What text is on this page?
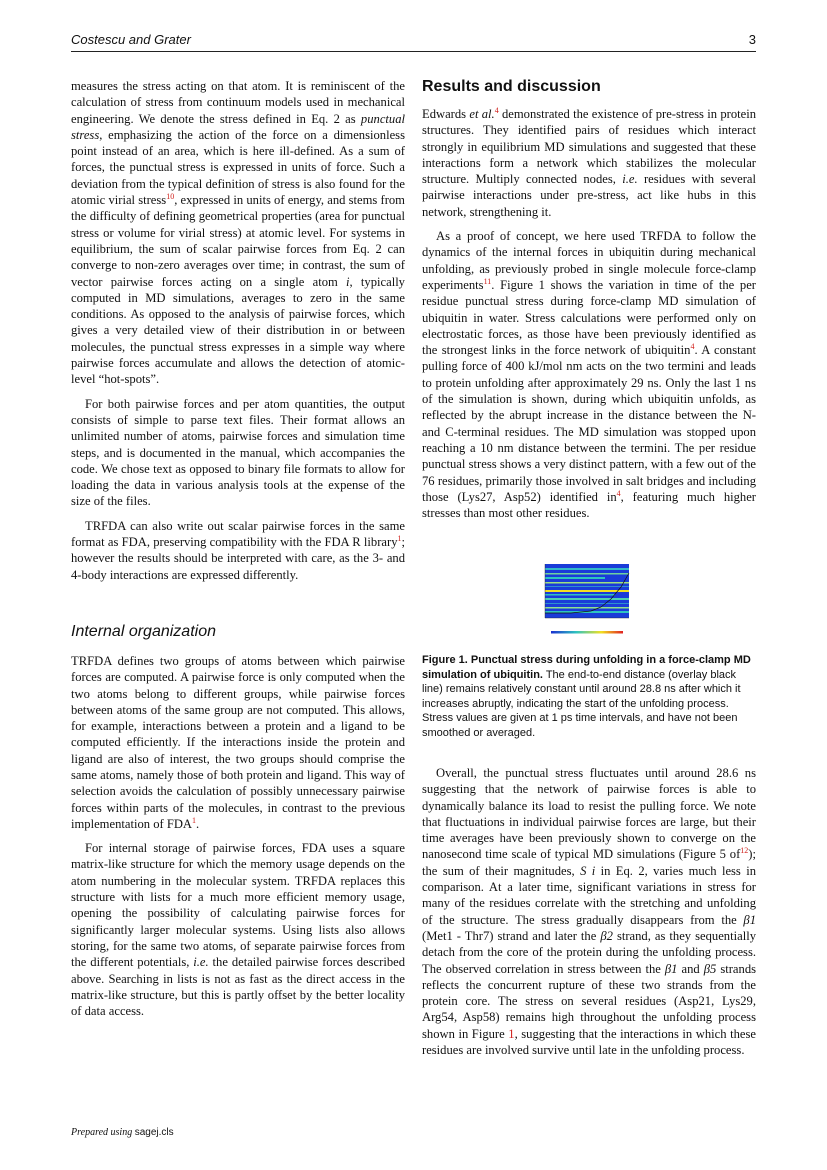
Costescu and Grater	3

measures the stress acting on that atom. It is reminiscent of the calculation of stress from continuum models used in mechanical engineering. We denote the stress defined in Eq. 2 as punctual stress, emphasizing the action of the force on a dimensionless point instead of an area, which is here ill-defined. As a sum of forces, the punctual stress is expressed in units of force. Such a deviation from the typical definition of stress is also found for the atomic virial stress$^{10}$, expressed in units of energy, and stems from the difficulty of defining geometrical properties (area for punctual stress or volume for virial stress) at atomic level. For systems in equilibrium, the sum of scalar pairwise forces from Eq. 2 can converge to non-zero averages over time; in contrast, the sum of vector pairwise forces acting on a single atom i, typically computed in MD simulations, averages to zero in the same conditions. As opposed to the analysis of pairwise forces, which gives a very detailed view of their distribution in or between molecules, the punctual stress expresses in a simple way where pairwise forces accumulate and allows the detection of atomic-level “hot-spots”.

For both pairwise forces and per atom quantities, the output consists of simple to parse text files. Their format allows an unlimited number of atoms, pairwise forces and simulation time steps, and is documented in the manual, which accompanies the code. We chose text as opposed to binary file formats to allow for loading the data in various analysis tools at the expense of the size of the files.

TRFDA can also write out scalar pairwise forces in the same format as FDA, preserving compatibility with the FDA R library$^1$; however the results should be interpreted with care, as the 3- and 4-body interactions are expressed differently.

Internal organization

TRFDA defines two groups of atoms between which pairwise forces are computed. A pairwise force is only computed when the two atoms belong to different groups, while pairwise forces between atoms of the same group are not computed. This allows, for example, interactions between a protein and a ligand to be computed efficiently. If the interactions inside the protein and ligand are also of interest, the two groups should comprise the same atoms, namely those of both protein and ligand. This way of selection avoids the calculation of possibly unnecessary pairwise forces within parts of the molecules, in contrast to the previous implementation of FDA$^1$.

For internal storage of pairwise forces, FDA uses a square matrix-like structure for which the memory usage depends on the atom numbering in the molecular system. TRFDA replaces this structure with lists for a much more efficient memory usage, opening the possibility of calculating pairwise forces for significantly larger molecular systems. Using lists also allows storing, for the same two atoms, of separate pairwise forces from the different potentials, i.e. the detailed pairwise forces described above. Searching in lists is not as fast as the direct access in the matrix-like structure, but this is partly offset by the better locality of data access.

Results and discussion

Edwards et al.$^4$ demonstrated the existence of pre-stress in protein structures. They identified pairs of residues which interact strongly in equilibrium MD simulations and suggested that these interactions form a network which stabilizes the molecular structure. Multiply connected nodes, i.e. residues with several pairwise interactions under pre-stress, act like hubs in this network, strengthening it.

As a proof of concept, we here used TRFDA to follow the dynamics of the internal forces in ubiquitin during mechanical unfolding, as previously probed in single molecule force-clamp experiments$^{11}$. Figure 1 shows the variation in time of the per residue punctual stress during force-clamp MD simulation of ubiquitin in water. Stress calculations were performed only on electrostatic forces, as those have been previously identified as the strongest links in the force network of ubiquitin$^4$. A constant pulling force of 400 kJ/mol nm acts on the two termini and leads to protein unfolding after approximately 29 ns. Only the last 1 ns of the simulation is shown, during which ubiquitin unfolds, as reflected by the abrupt increase in the distance between the N- and C-terminal residues. The MD simulation was stopped upon reaching a 10 nm distance between the termini. The per residue punctual stress shows a very distinct pattern, with a few out of the 76 residues, primarily those involved in salt bridges and including those (Lys27, Asp52) identified in$^4$, featuring much higher stresses than most other residues.

Figure 1. Punctual stress during unfolding in a force-clamp MD simulation of ubiquitin. The end-to-end distance (overlay black line) remains relatively constant until around 28.8 ns after which it increases abruptly, indicating the start of the unfolding process. Stress values are given at 1 ps time intervals, and have not been smoothed or averaged.

Overall, the punctual stress fluctuates until around 28.6 ns suggesting that the network of pairwise forces is able to dynamically balance its load to resist the pulling force. We note that fluctuations in individual pairwise forces are large, but their time averages have been previously shown to converge on the nanosecond time scale of typical MD simulations (Figure 5 of$^{12}$); the sum of their magnitudes, S i in Eq. 2, varies much less in comparison. At a later time, significant variations in stress for many of the residues correlate with the stretching and unfolding of the structure. The stress gradually disappears from the β1 (Met1 - Thr7) strand and later the β2 strand, as they sequentially detach from the core of the protein during the unfolding process. The observed correlation in stress between the β1 and β5 strands reflects the concurrent rupture of these two strands from the protein core. The stress on several residues (Asp21, Lys29, Arg54, Asp58) remains high throughout the unfolding process shown in Figure 1, suggesting that the interactions in which these residues are involved survive until late in the unfolding process.

Prepared using sagej.cls
